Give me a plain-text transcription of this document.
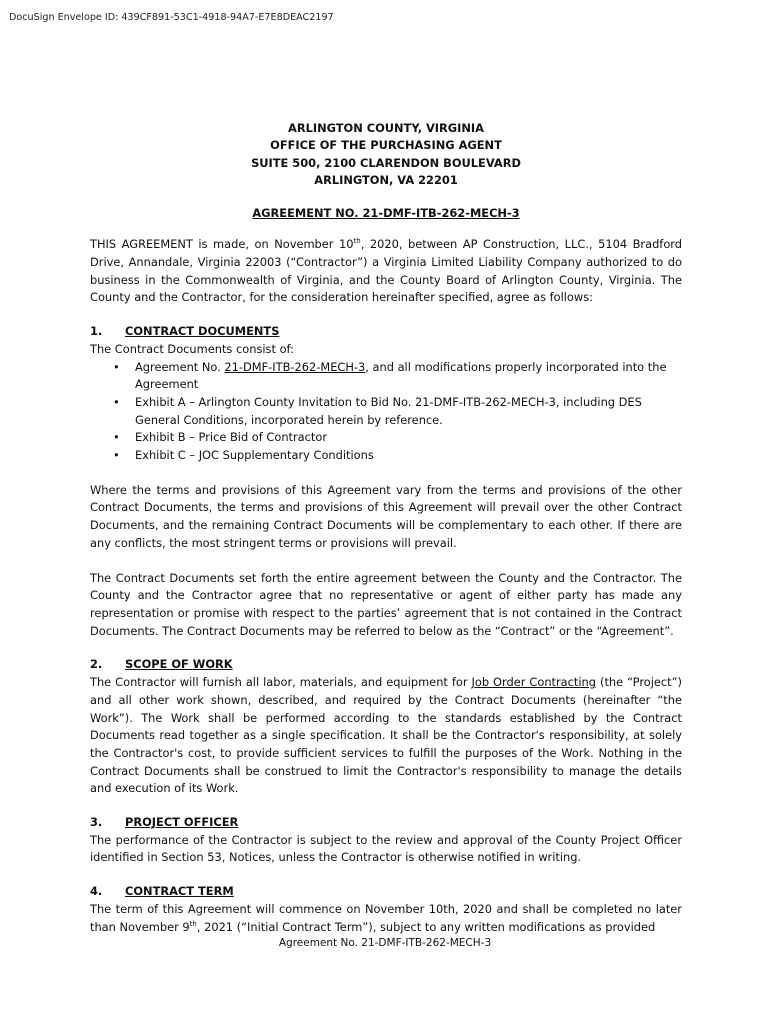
DocuSign Envelope ID: 439CF891-53C1-4918-94A7-E7E8DEAC2197
ARLINGTON COUNTY, VIRGINIA
OFFICE OF THE PURCHASING AGENT
SUITE 500, 2100 CLARENDON BOULEVARD
ARLINGTON, VA 22201
AGREEMENT NO. 21-DMF-ITB-262-MECH-3

THIS AGREEMENT is made, on November 10th, 2020, between AP Construction, LLC., 5104 Bradford Drive, Annandale, Virginia 22003 (“Contractor”) a Virginia Limited Liability Company authorized to do business in the Commonwealth of Virginia, and the County Board of Arlington County, Virginia. The County and the Contractor, for the consideration hereinafter specified, agree as follows:

1. CONTRACT DOCUMENTS

The Contract Documents consist of:

• Agreement No. 21-DMF-ITB-262-MECH-3, and all modifications properly incorporated into the Agreement
• Exhibit A – Arlington County Invitation to Bid No. 21-DMF-ITB-262-MECH-3, including DES General Conditions, incorporated herein by reference.
• Exhibit B – Price Bid of Contractor
• Exhibit C – JOC Supplementary Conditions

Where the terms and provisions of this Agreement vary from the terms and provisions of the other Contract Documents, the terms and provisions of this Agreement will prevail over the other Contract Documents, and the remaining Contract Documents will be complementary to each other. If there are any conflicts, the most stringent terms or provisions will prevail.

The Contract Documents set forth the entire agreement between the County and the Contractor. The County and the Contractor agree that no representative or agent of either party has made any representation or promise with respect to the parties’ agreement that is not contained in the Contract Documents. The Contract Documents may be referred to below as the “Contract” or the “Agreement”.

2. SCOPE OF WORK

The Contractor will furnish all labor, materials, and equipment for Job Order Contracting (the “Project”) and all other work shown, described, and required by the Contract Documents (hereinafter “the Work”). The Work shall be performed according to the standards established by the Contract Documents read together as a single specification. It shall be the Contractor's responsibility, at solely the Contractor's cost, to provide sufficient services to fulfill the purposes of the Work. Nothing in the Contract Documents shall be construed to limit the Contractor's responsibility to manage the details and execution of its Work.

3. PROJECT OFFICER

The performance of the Contractor is subject to the review and approval of the County Project Officer identified in Section 53, Notices, unless the Contractor is otherwise notified in writing.

4. CONTRACT TERM

The term of this Agreement will commence on November 10th, 2020 and shall be completed no later than November 9th, 2021 (“Initial Contract Term”), subject to any written modifications as provided

Agreement No. 21-DMF-ITB-262-MECH-3
